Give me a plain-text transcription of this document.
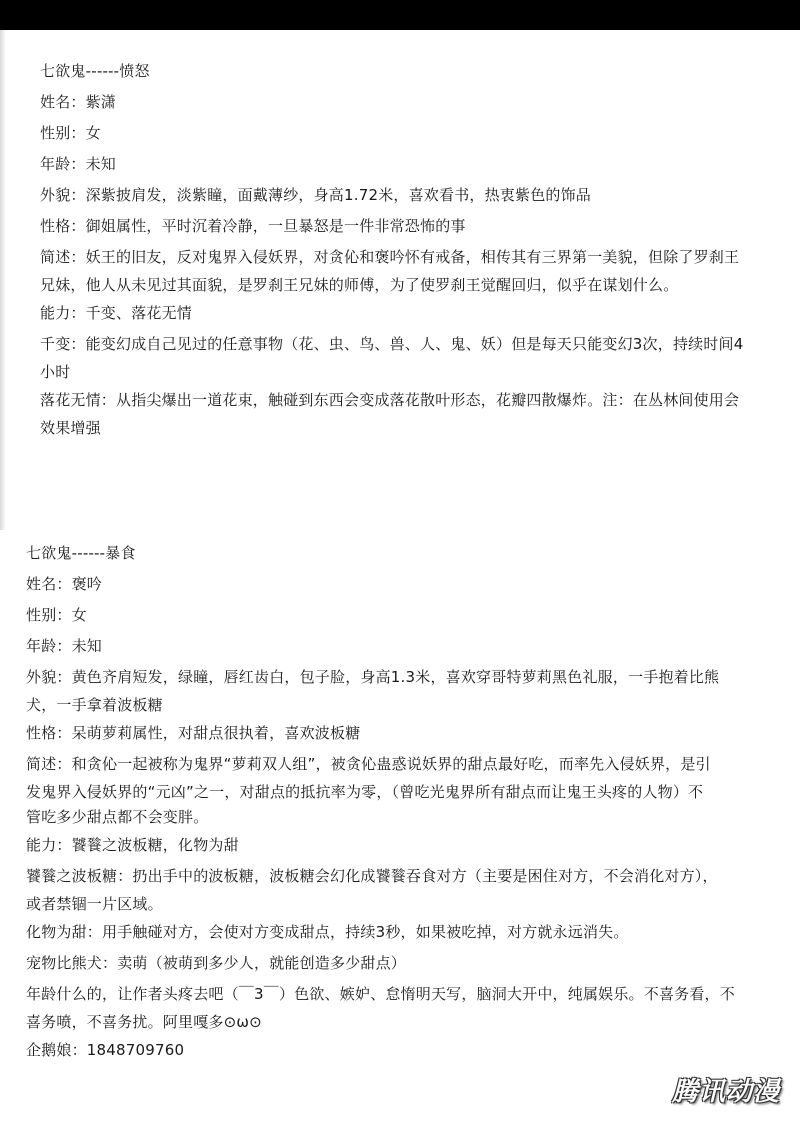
七欲鬼------愤怒
姓名：紫潇
性别：女
年龄：未知
外貌：深紫披肩发，淡紫瞳，面戴薄纱，身高1.72米，喜欢看书，热衷紫色的饰品
性格：御姐属性，平时沉着冷静，一旦暴怒是一件非常恐怖的事
简述：妖王的旧友，反对鬼界入侵妖界，对贪伈和褒吟怀有戒备，相传其有三界第一美貌，但除了罗刹王
兄妹，他人从未见过其面貌，是罗刹王兄妹的师傅，为了使罗刹王觉醒回归，似乎在谋划什么。
能力：千变、落花无情
千变：能变幻成自己见过的任意事物（花、虫、鸟、兽、人、鬼、妖）但是每天只能变幻3次，持续时间4
小时
落花无情：从指尖爆出一道花束，触碰到东西会变成落花散叶形态，花瓣四散爆炸。注：在丛林间使用会
效果增强
七欲鬼------暴食
姓名：褒吟
性别：女
年龄：未知
外貌：黄色齐肩短发，绿瞳，唇红齿白，包子脸，身高1.3米，喜欢穿哥特萝莉黑色礼服，一手抱着比熊
犬，一手拿着波板糖
性格：呆萌萝莉属性，对甜点很执着，喜欢波板糖
简述：和贪伈一起被称为鬼界“萝莉双人组”，被贪伈蛊惑说妖界的甜点最好吃，而率先入侵妖界，是引
发鬼界入侵妖界的“元凶”之一，对甜点的抵抗率为零，（曾吃光鬼界所有甜点而让鬼王头疼的人物）不
管吃多少甜点都不会变胖。
能力：饕餮之波板糖，化物为甜
饕餮之波板糖：扔出手中的波板糖，波板糖会幻化成饕餮吞食对方（主要是困住对方，不会消化对方），
或者禁锢一片区域。
化物为甜：用手触碰对方，会使对方变成甜点，持续3秒，如果被吃掉，对方就永远消失。
宠物比熊犬：卖萌（被萌到多少人，就能创造多少甜点）
年龄什么的，让作者头疼去吧（￣3￣）色欲、嫉妒、怠惰明天写，脑洞大开中，纯属娱乐。不喜务看，不
喜务喷，不喜务扰。阿里嘎多⊙ω⊙
企鹅娘：1848709760
腾讯动漫
